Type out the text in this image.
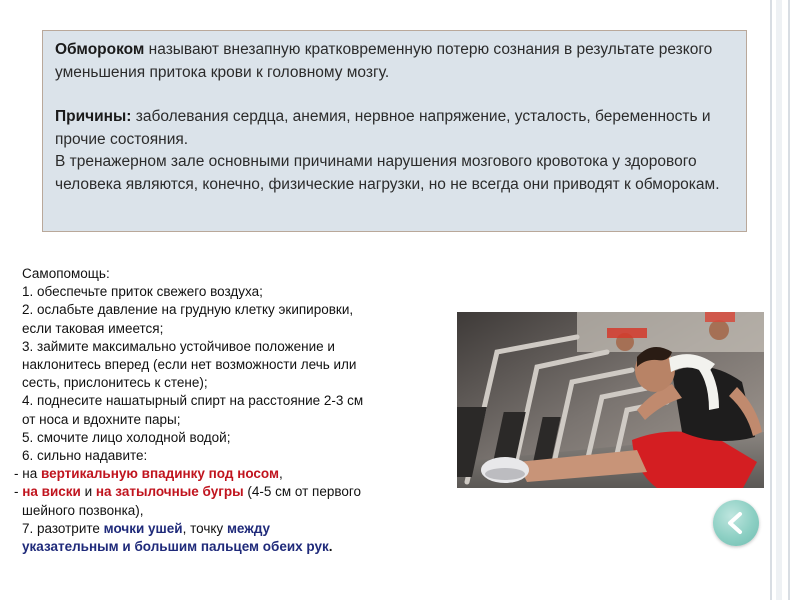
Обмороком называют внезапную кратковременную потерю сознания в результате резкого уменьшения притока крови к головному мозгу.

Причины: заболевания сердца, анемия, нервное напряжение, усталость, беременность и прочие состояния.

В тренажерном зале основными причинами нарушения мозгового кровотока у здорового человека являются, конечно, физические нагрузки, но не всегда они приводят к обморокам.

Самопомощь:
1. обеспечьте приток свежего воздуха;
2. ослабьте давление на грудную клетку экипировки,
если таковая имеется;
3. займите максимально устойчивое положение и
наклонитесь вперед (если нет возможности лечь или
сесть, прислонитесь к стене);
4. поднесите нашатырный спирт на расстояние 2-3 см
от носа и вдохните пары;
5. смочите лицо холодной водой;
6. сильно надавите:
- на вертикальную впадинку под носом,
- на виски и на затылочные бугры (4-5 см от первого
шейного позвонка),
7. разотрите мочки ушей, точку между
указательным и большим пальцем обеих рук.
